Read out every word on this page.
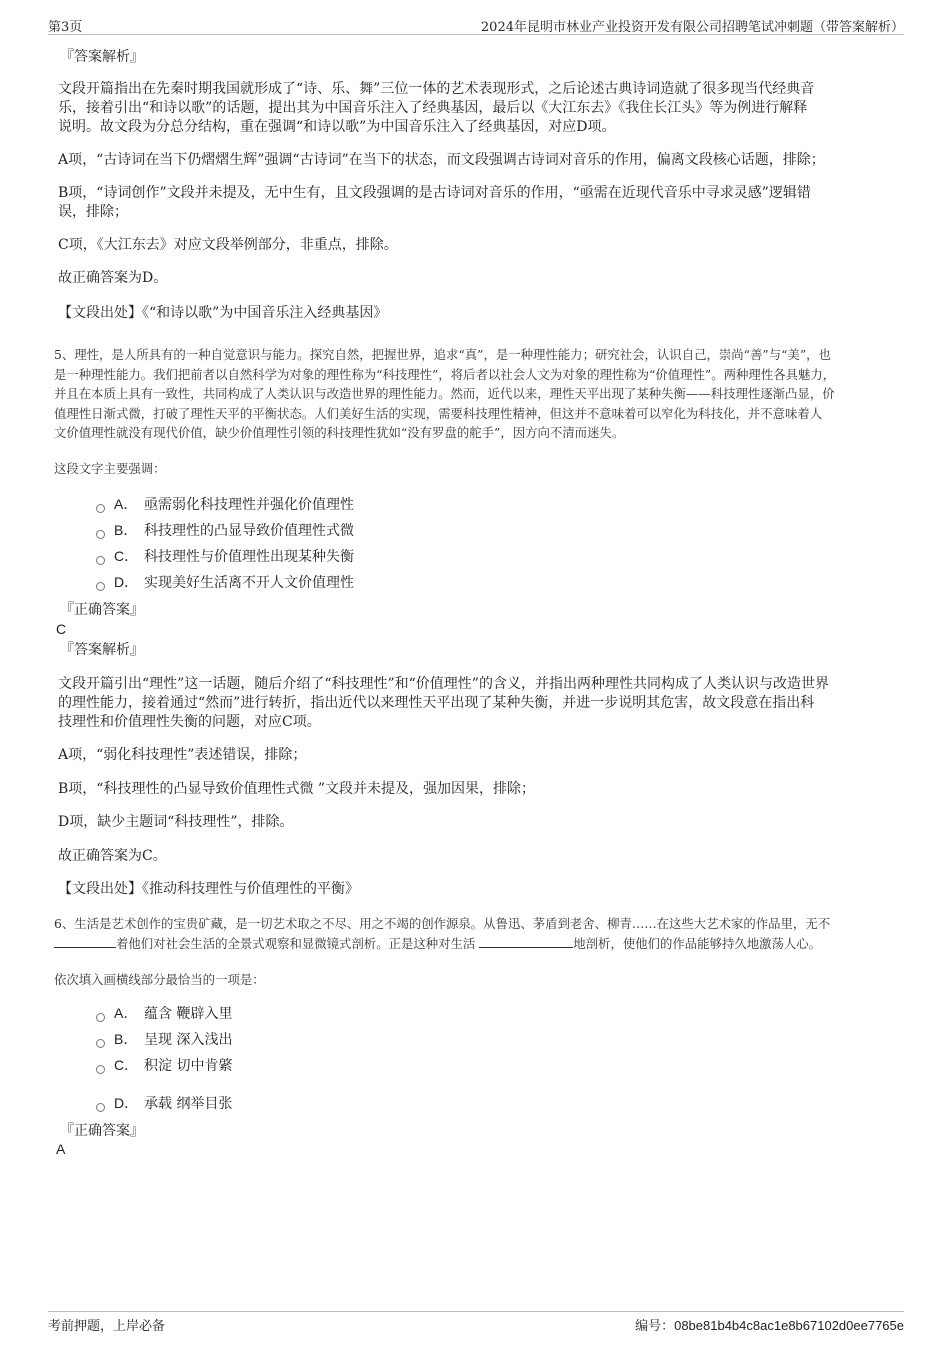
第3页	2024年昆明市林业产业投资开发有限公司招聘笔试冲刺题（带答案解析）
『答案解析』
文段开篇指出在先秦时期我国就形成了“诗、乐、舞”三位一体的艺术表现形式，之后论述古典诗词造就了很多现当代经典音
乐，接着引出“和诗以歌”的话题，提出其为中国音乐注入了经典基因，最后以《大江东去》《我住长江头》等为例进行解释
说明。故文段为分总分结构，重在强调“和诗以歌”为中国音乐注入了经典基因，对应D项。
A项，“古诗词在当下仍熠熠生辉”强调“古诗词”在当下的状态，而文段强调古诗词对音乐的作用，偏离文段核心话题，排除；
B项，“诗词创作”文段并未提及，无中生有，且文段强调的是古诗词对音乐的作用，“亟需在近现代音乐中寻求灵感”逻辑错
误，排除；
C项，《大江东去》对应文段举例部分，非重点，排除。
故正确答案为D。
【文段出处】《“和诗以歌”为中国音乐注入经典基因》
5、理性，是人所具有的一种自觉意识与能力。探究自然，把握世界，追求“真”，是一种理性能力；研究社会，认识自己，崇尚“善”与“美”，也
是一种理性能力。我们把前者以自然科学为对象的理性称为“科技理性”，将后者以社会人文为对象的理性称为“价值理性”。两种理性各具魅力，
并且在本质上具有一致性，共同构成了人类认识与改造世界的理性能力。然而，近代以来，理性天平出现了某种失衡——科技理性逐渐凸显，价
值理性日渐式微，打破了理性天平的平衡状态。人们美好生活的实现，需要科技理性精神，但这并不意味着可以窄化为科技化，并不意味着人
文价值理性就没有现代价值，缺少价值理性引领的科技理性犹如“没有罗盘的舵手”，因方向不清而迷失。
这段文字主要强调：
A． 亟需弱化科技理性并强化价值理性
B． 科技理性的凸显导致价值理性式微
C． 科技理性与价值理性出现某种失衡
D． 实现美好生活离不开人文价值理性
『正确答案』
C
『答案解析』
文段开篇引出“理性”这一话题，随后介绍了“科技理性”和“价值理性”的含义，并指出两种理性共同构成了人类认识与改造世界
的理性能力，接着通过“然而”进行转折，指出近代以来理性天平出现了某种失衡，并进一步说明其危害，故文段意在指出科
技理性和价值理性失衡的问题，对应C项。
A项，“弱化科技理性”表述错误，排除；
B项，“科技理性的凸显导致价值理性式微 ”文段并未提及，强加因果，排除；
D项，缺少主题词“科技理性”，排除。
故正确答案为C。
【文段出处】《推动科技理性与价值理性的平衡》
6、生活是艺术创作的宝贵矿藏，是一切艺术取之不尽、用之不竭的创作源泉。从鲁迅、茅盾到老舍、柳青……在这些大艺术家的作品里，无不
着他们对社会生活的全景式观察和显微镜式剖析。正是这种对生活	地剖析，使他们的作品能够持久地激荡人心。
依次填入画横线部分最恰当的一项是：
A． 蕴含 鞭辟入里
B． 呈现 深入浅出
C． 积淀 切中肯綮
D． 承载 纲举目张
『正确答案』
A
考前押题，上岸必备	编号：08be81b4b4c8ac1e8b67102d0ee7765e
